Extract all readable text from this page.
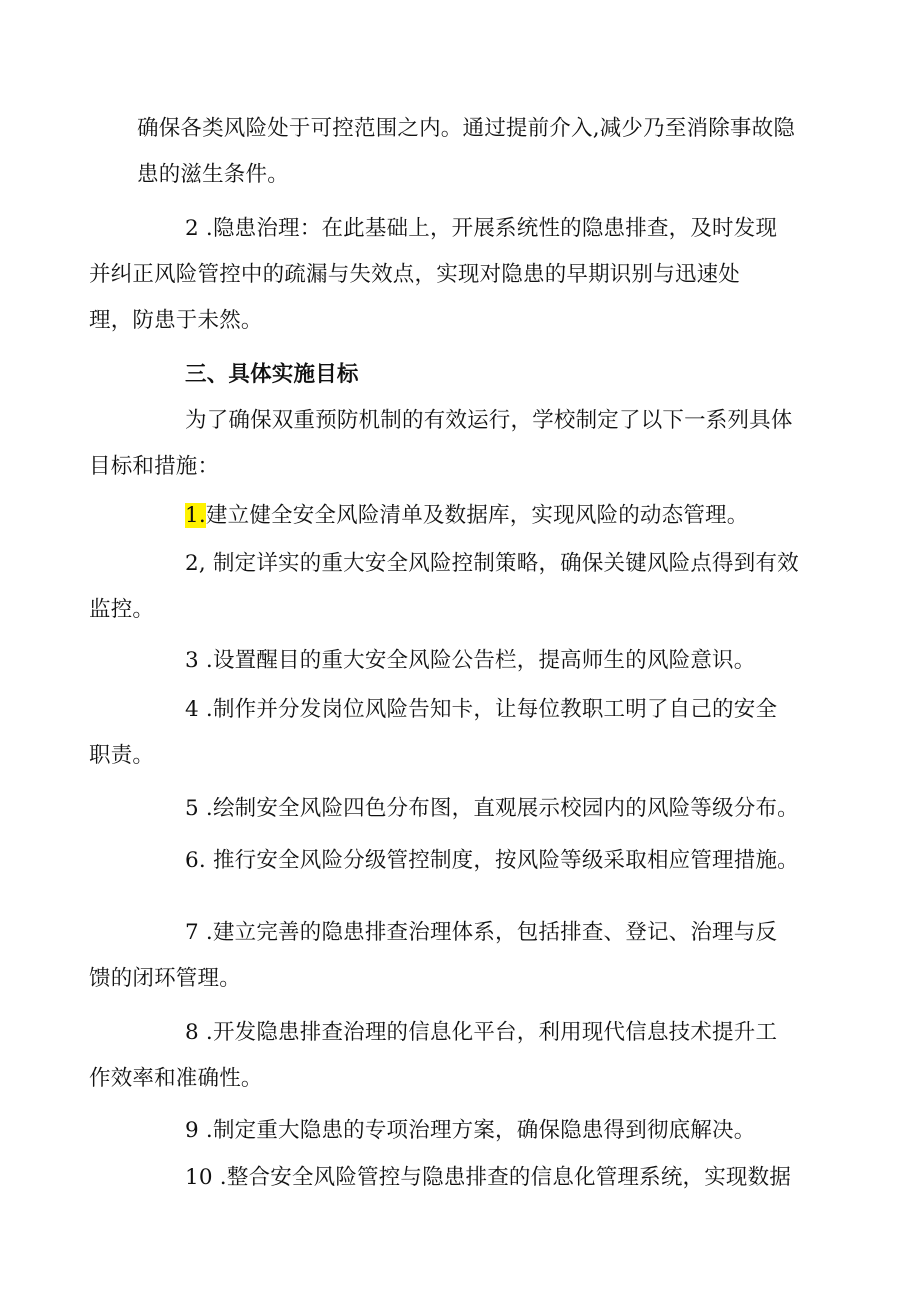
确保各类风险处于可控范围之内。通过提前介入,减少乃至消除事故隐
患的滋生条件。

2 .隐患治理：在此基础上，开展系统性的隐患排查，及时发现
并纠正风险管控中的疏漏与失效点，实现对隐患的早期识别与迅速处
理，防患于未然。

三、具体实施目标

为了确保双重预防机制的有效运行，学校制定了以下一系列具体
目标和措施：

1.建立健全安全风险清单及数据库，实现风险的动态管理。

2, 制定详实的重大安全风险控制策略，确保关键风险点得到有效
监控。

3 .设置醒目的重大安全风险公告栏，提高师生的风险意识。

4 .制作并分发岗位风险告知卡，让每位教职工明了自己的安全
职责。

5 .绘制安全风险四色分布图，直观展示校园内的风险等级分布。

6. 推行安全风险分级管控制度，按风险等级采取相应管理措施。

7 .建立完善的隐患排查治理体系，包括排查、登记、治理与反
馈的闭环管理。

8 .开发隐患排查治理的信息化平台，利用现代信息技术提升工
作效率和准确性。

9 .制定重大隐患的专项治理方案，确保隐患得到彻底解决。

10 .整合安全风险管控与隐患排查的信息化管理系统，实现数据
